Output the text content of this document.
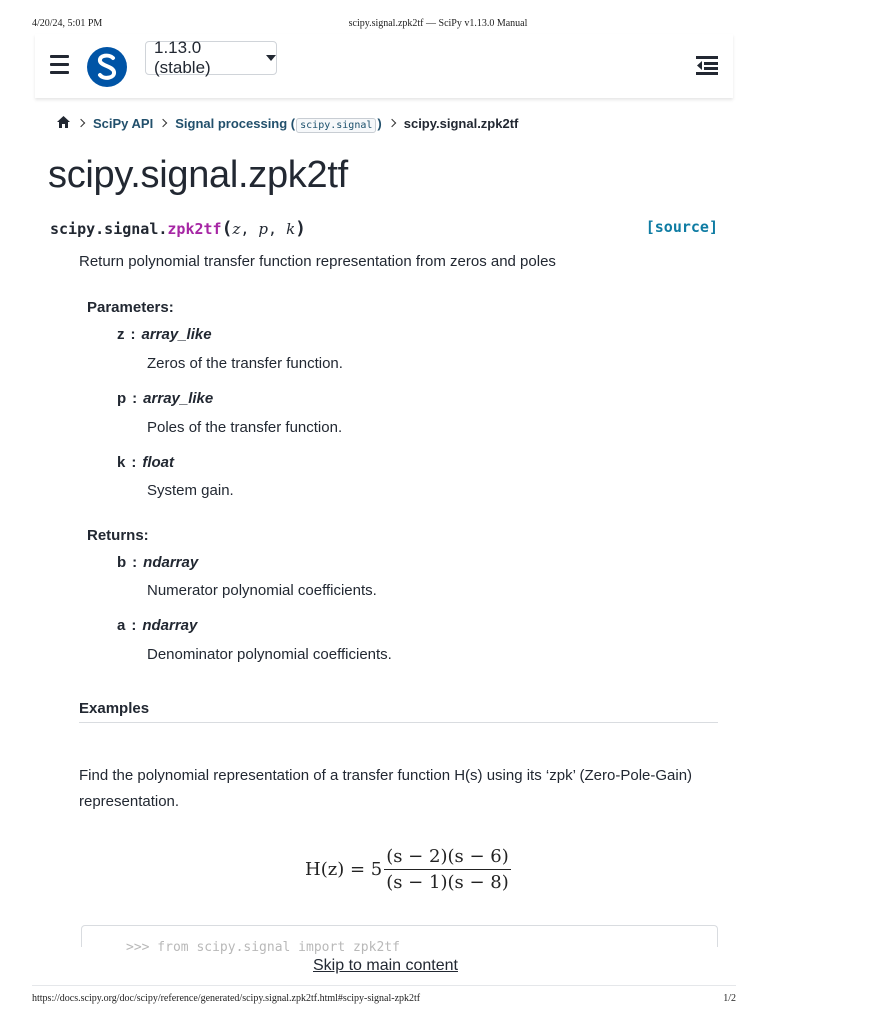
4/20/24, 5:01 PM	scipy.signal.zpk2tf — SciPy v1.13.0 Manual
1.13.0 (stable)
SciPy API Signal processing ( scipy.signal ) scipy.signal.zpk2tf
scipy.signal.zpk2tf
scipy.signal.zpk2tf(z, p, k)	[source]

Return polynomial transfer function representation from zeros and poles

Parameters:
z : array_like
Zeros of the transfer function.
p : array_like
Poles of the transfer function.
k : float
System gain.
Returns:
b : ndarray
Numerator polynomial coefficients.
a : ndarray
Denominator polynomial coefficients.
Examples

Find the polynomial representation of a transfer function H(s) using its ‘zpk’ (Zero-Pole-Gain) representation.

$H(z) = 5 \frac{(s - 2)(s - 6)}{(s - 1)(s - 8)}$
>>> from scipy.signal import zpk2tf
Skip to main content
https://docs.scipy.org/doc/scipy/reference/generated/scipy.signal.zpk2tf.html#scipy-signal-zpk2tf	1/2
